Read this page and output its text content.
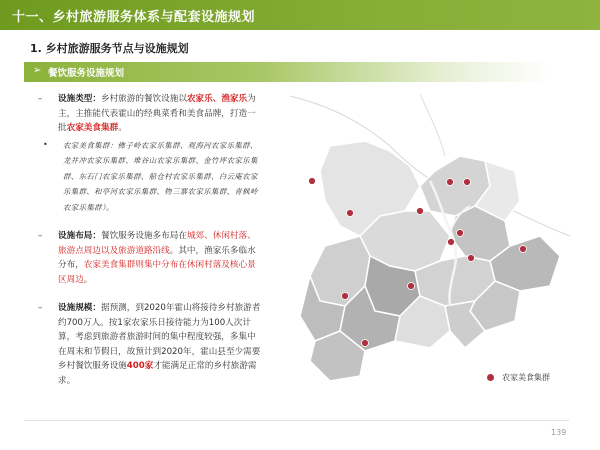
十一、乡村旅游服务体系与配套设施规划
1. 乡村旅游服务节点与设施规划
➢ 餐饮服务设施规划
–	设施类型：乡村旅游的餐饮设施以农家乐、渔家乐为主，主推能代表霍山的经典菜肴和美食品牌，打造一批农家美食集群。
•	农家美食集群：佛子岭农家乐集群、观海河农家乐集群、龙井冲农家乐集群、堆谷山农家乐集群、金竹坪农家乐集群、东石门农家乐集群、船仓村农家乐集群、白云庵农家乐集群、和亭河农家乐集群、物三寨农家乐集群、青枫岭农家乐集群）。
–	设施布局：餐饮服务设施多布局在城郊、休闲村落、旅游点周边以及旅游道路沿线。其中，渔家乐多临水分布，农家美食集群则集中分布在休闲村落及核心景区周边。
–	设施规模：据预测，到2020年霍山将接待乡村旅游者约700万人。按1家农家乐日接待能力为100人次计算，考虑到旅游者旅游时间的集中程度较强，多集中在周末和节假日，故预计到2020年，霍山县至少需要乡村餐饮服务设施400家才能满足正常的乡村旅游需求。	农家美食集群
139
